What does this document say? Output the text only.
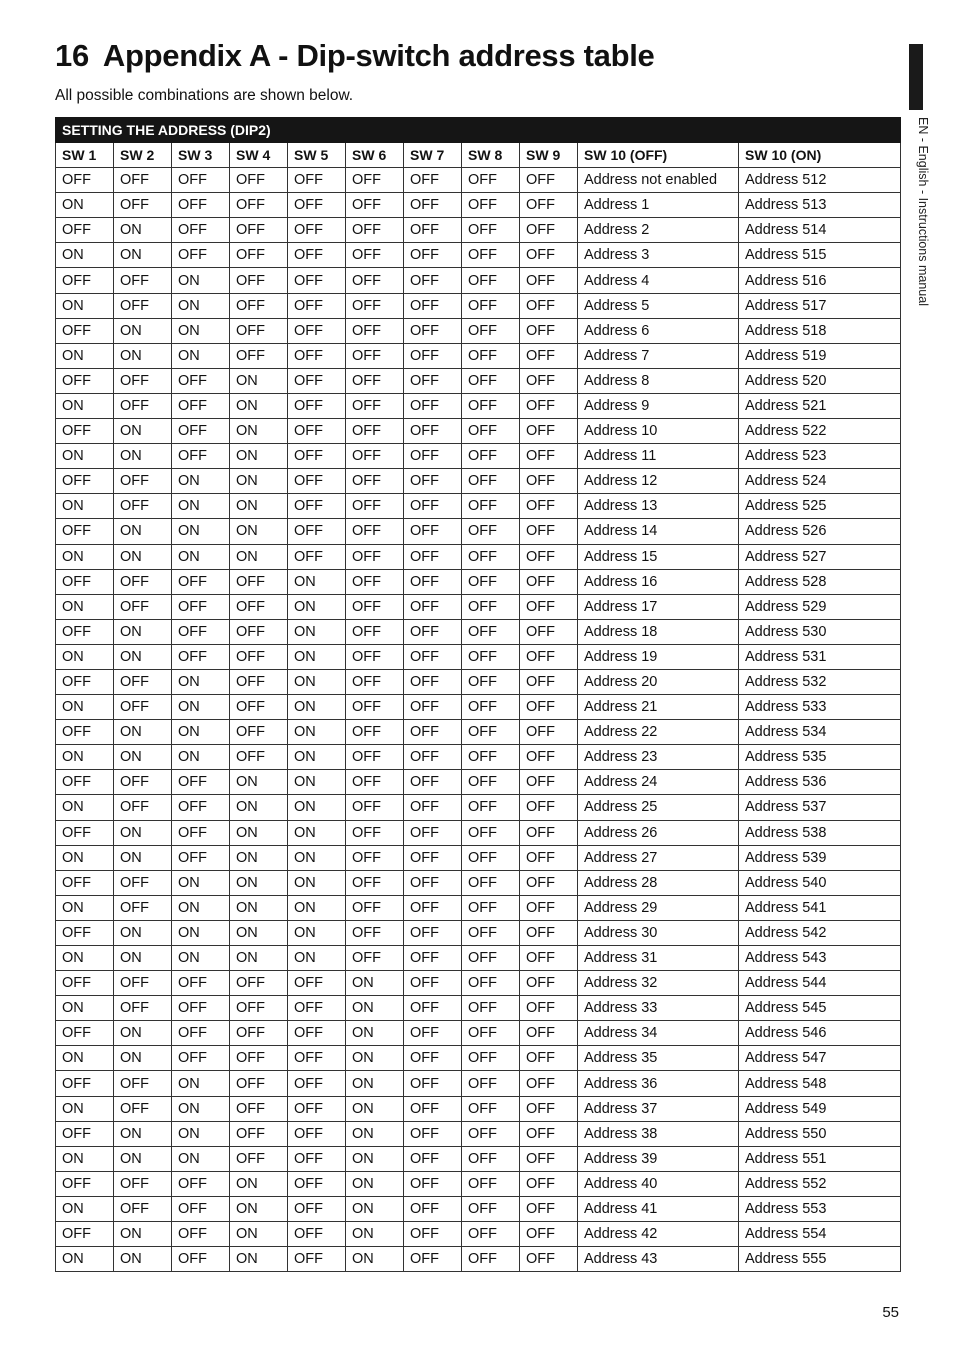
16 Appendix A - Dip-switch address table
All possible combinations are shown below.
EN - English - Instructions manual
SETTING THE ADDRESS (DIP2)										
SW 1	SW 2	SW 3	SW 4	SW 5	SW 6	SW 7	SW 8	SW 9	SW 10 (OFF)	SW 10 (ON)
OFF	OFF	OFF	OFF	OFF	OFF	OFF	OFF	OFF	Address not enabled	Address 512
ON	OFF	OFF	OFF	OFF	OFF	OFF	OFF	OFF	Address 1	Address 513
OFF	ON	OFF	OFF	OFF	OFF	OFF	OFF	OFF	Address 2	Address 514
ON	ON	OFF	OFF	OFF	OFF	OFF	OFF	OFF	Address 3	Address 515
OFF	OFF	ON	OFF	OFF	OFF	OFF	OFF	OFF	Address 4	Address 516
ON	OFF	ON	OFF	OFF	OFF	OFF	OFF	OFF	Address 5	Address 517
OFF	ON	ON	OFF	OFF	OFF	OFF	OFF	OFF	Address 6	Address 518
ON	ON	ON	OFF	OFF	OFF	OFF	OFF	OFF	Address 7	Address 519
OFF	OFF	OFF	ON	OFF	OFF	OFF	OFF	OFF	Address 8	Address 520
ON	OFF	OFF	ON	OFF	OFF	OFF	OFF	OFF	Address 9	Address 521
OFF	ON	OFF	ON	OFF	OFF	OFF	OFF	OFF	Address 10	Address 522
ON	ON	OFF	ON	OFF	OFF	OFF	OFF	OFF	Address 11	Address 523
OFF	OFF	ON	ON	OFF	OFF	OFF	OFF	OFF	Address 12	Address 524
ON	OFF	ON	ON	OFF	OFF	OFF	OFF	OFF	Address 13	Address 525
OFF	ON	ON	ON	OFF	OFF	OFF	OFF	OFF	Address 14	Address 526
ON	ON	ON	ON	OFF	OFF	OFF	OFF	OFF	Address 15	Address 527
OFF	OFF	OFF	OFF	ON	OFF	OFF	OFF	OFF	Address 16	Address 528
ON	OFF	OFF	OFF	ON	OFF	OFF	OFF	OFF	Address 17	Address 529
OFF	ON	OFF	OFF	ON	OFF	OFF	OFF	OFF	Address 18	Address 530
ON	ON	OFF	OFF	ON	OFF	OFF	OFF	OFF	Address 19	Address 531
OFF	OFF	ON	OFF	ON	OFF	OFF	OFF	OFF	Address 20	Address 532
ON	OFF	ON	OFF	ON	OFF	OFF	OFF	OFF	Address 21	Address 533
OFF	ON	ON	OFF	ON	OFF	OFF	OFF	OFF	Address 22	Address 534
ON	ON	ON	OFF	ON	OFF	OFF	OFF	OFF	Address 23	Address 535
OFF	OFF	OFF	ON	ON	OFF	OFF	OFF	OFF	Address 24	Address 536
ON	OFF	OFF	ON	ON	OFF	OFF	OFF	OFF	Address 25	Address 537
OFF	ON	OFF	ON	ON	OFF	OFF	OFF	OFF	Address 26	Address 538
ON	ON	OFF	ON	ON	OFF	OFF	OFF	OFF	Address 27	Address 539
OFF	OFF	ON	ON	ON	OFF	OFF	OFF	OFF	Address 28	Address 540
ON	OFF	ON	ON	ON	OFF	OFF	OFF	OFF	Address 29	Address 541
OFF	ON	ON	ON	ON	OFF	OFF	OFF	OFF	Address 30	Address 542
ON	ON	ON	ON	ON	OFF	OFF	OFF	OFF	Address 31	Address 543
OFF	OFF	OFF	OFF	OFF	ON	OFF	OFF	OFF	Address 32	Address 544
ON	OFF	OFF	OFF	OFF	ON	OFF	OFF	OFF	Address 33	Address 545
OFF	ON	OFF	OFF	OFF	ON	OFF	OFF	OFF	Address 34	Address 546
ON	ON	OFF	OFF	OFF	ON	OFF	OFF	OFF	Address 35	Address 547
OFF	OFF	ON	OFF	OFF	ON	OFF	OFF	OFF	Address 36	Address 548
ON	OFF	ON	OFF	OFF	ON	OFF	OFF	OFF	Address 37	Address 549
OFF	ON	ON	OFF	OFF	ON	OFF	OFF	OFF	Address 38	Address 550
ON	ON	ON	OFF	OFF	ON	OFF	OFF	OFF	Address 39	Address 551
OFF	OFF	OFF	ON	OFF	ON	OFF	OFF	OFF	Address 40	Address 552
ON	OFF	OFF	ON	OFF	ON	OFF	OFF	OFF	Address 41	Address 553
OFF	ON	OFF	ON	OFF	ON	OFF	OFF	OFF	Address 42	Address 554
ON	ON	OFF	ON	OFF	ON	OFF	OFF	OFF	Address 43	Address 555
55
